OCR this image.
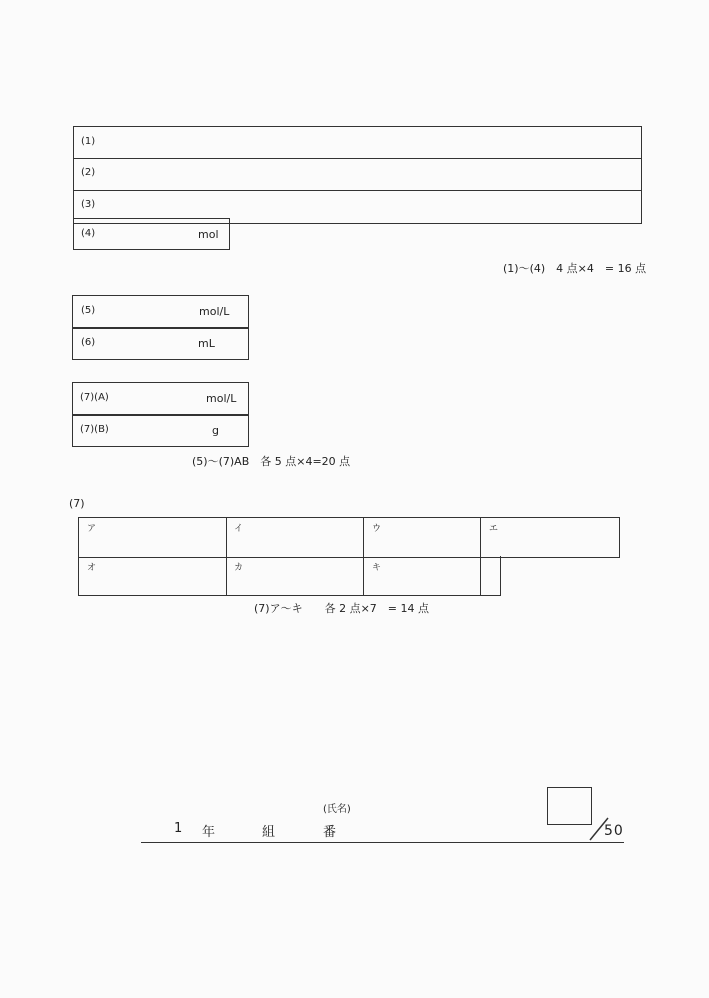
(1)
(2)
(3)
(4)	mol
(1)〜(4)　4 点×4　= 16 点
(5)	mol/L
(6)	mL
(7)(A)	mol/L
(7)(B)	g
(5)〜(7)AB　各 5 点×4=20 点
(7)
ア	イ	ウ	エ
オ	カ	キ
(7)ア〜キ　　各 2 点×7　= 14 点
(氏名)
1 年	組	番	50
